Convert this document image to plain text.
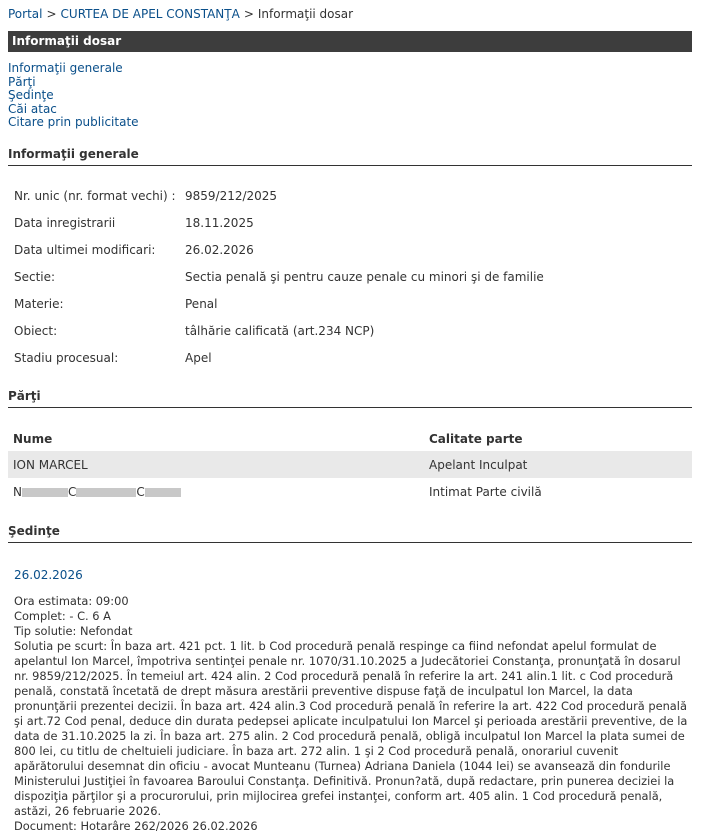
Portal > CURTEA DE APEL CONSTANŢA > Informaţii dosar
Informaţii dosar
Informaţii generale
Părţi
Şedinţe
Căi atac
Citare prin publicitate
Informaţii generale
Nr. unic (nr. format vechi) : 9859/212/2025
Data inregistrarii	18.11.2025
Data ultimei modificari: 26.02.2026
Sectie:	Sectia penală şi pentru cauze penale cu minori şi de familie
Materie:	Penal
Obiect:	tâlhărie calificată (art.234 NCP)
Stadiu procesual:	Apel
Părţi
Nume	Calitate parte
ION MARCEL	Apelant Inculpat
N C C	Intimat Parte civilă
Şedinţe
26.02.2026
Ora estimata: 09:00
Complet: - C. 6 A
Tip solutie: Nefondat
Solutia pe scurt: În baza art. 421 pct. 1 lit. b Cod procedură penală respinge ca fiind nefondat apelul formulat de apelantul Ion Marcel, împotriva sentinţei penale nr. 1070/31.10.2025 a Judecătoriei Constanţa, pronunţată în dosarul nr. 9859/212/2025. În temeiul art. 424 alin. 2 Cod procedură penală în referire la art. 241 alin.1 lit. c Cod procedură penală, constată încetată de drept măsura arestării preventive dispuse faţă de inculpatul Ion Marcel, la data pronunţării prezentei decizii. În baza art. 424 alin.3 Cod procedură penală în referire la art. 422 Cod procedură penală şi art.72 Cod penal, deduce din durata pedepsei aplicate inculpatului Ion Marcel şi perioada arestării preventive, de la data de 31.10.2025 la zi. În baza art. 275 alin. 2 Cod procedură penală, obligă inculpatul Ion Marcel la plata sumei de 800 lei, cu titlu de cheltuieli judiciare. În baza art. 272 alin. 1 şi 2 Cod procedură penală, onorariul cuvenit apărătorului desemnat din oficiu - avocat Munteanu (Turnea) Adriana Daniela (1044 lei) se avansează din fondurile Ministerului Justiţiei în favoarea Baroului Constanţa. Definitivă. Pronun?ată, după redactare, prin punerea deciziei la dispoziţia părţilor şi a procurorului, prin mijlocirea grefei instanţei, conform art. 405 alin. 1 Cod procedură penală, astăzi, 26 februarie 2026.
Document: Hotarâre 262/2026 26.02.2026
